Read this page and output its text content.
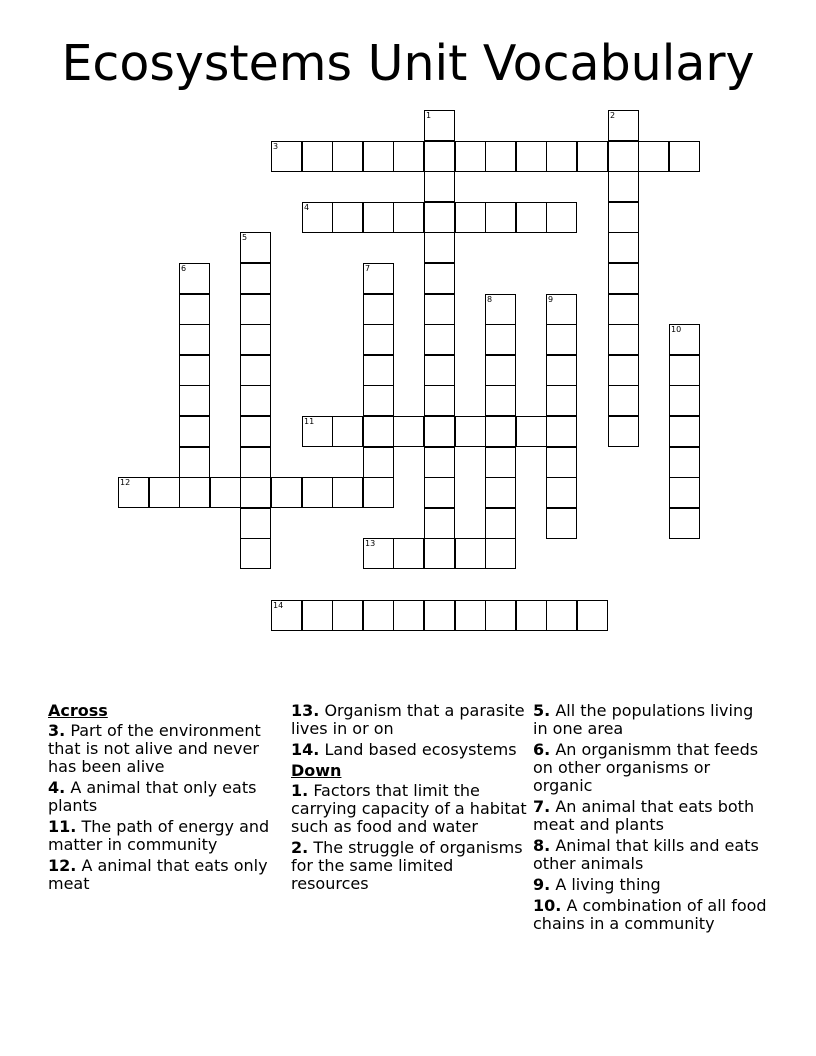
Ecosystems Unit Vocabulary
1	2
3
4
5
6	7
8	9
10
11
12
13
14
Across
3. Part of the environment that is not alive and never has been alive
4. A animal that only eats plants
11. The path of energy and matter in community
12. A animal that eats only meat
13. Organism that a parasite lives in or on
14. Land based ecosystems
Down
1. Factors that limit the carrying capacity of a habitat such as food and water
2. The struggle of organisms for the same limited resources
5. All the populations living in one area
6. An organismm that feeds on other organisms or organic
7. An animal that eats both meat and plants
8. Animal that kills and eats other animals
9. A living thing
10. A combination of all food chains in a community
